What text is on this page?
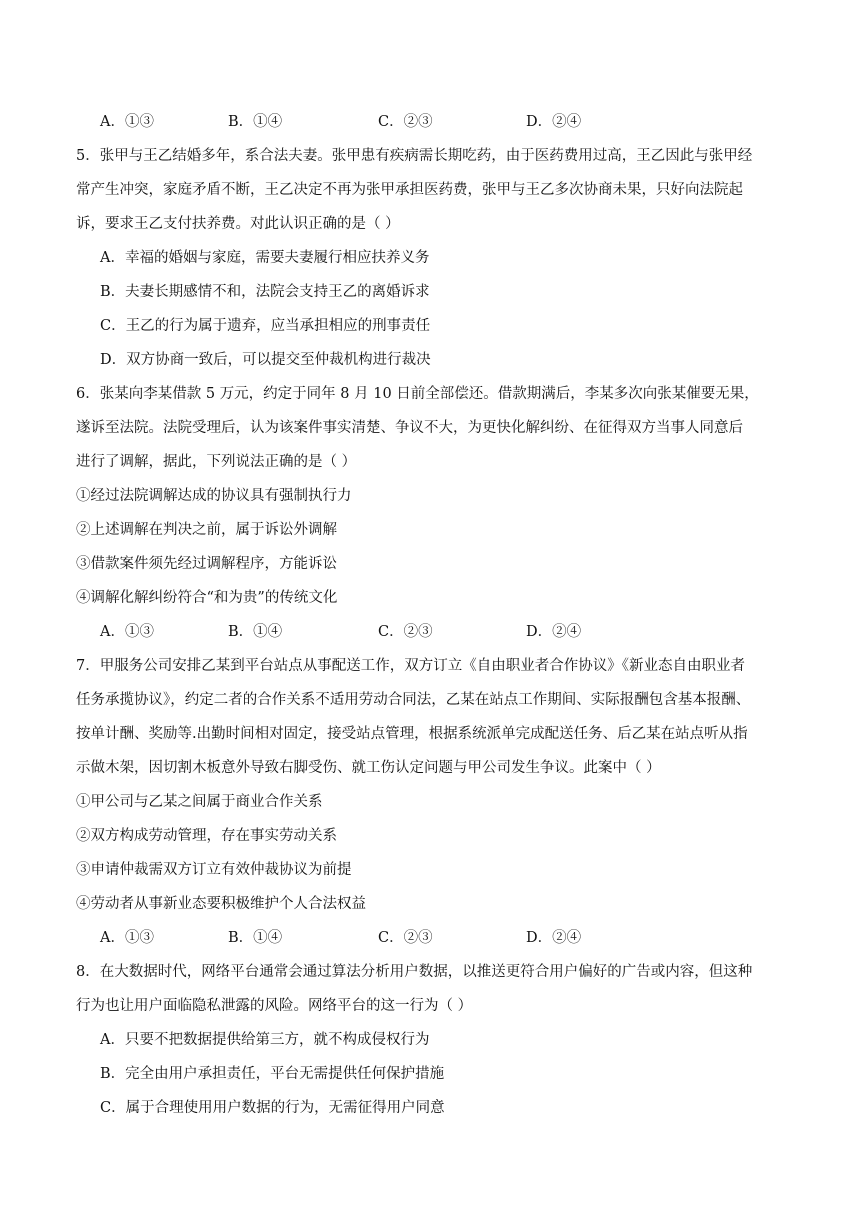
A．①③	B．①④	C．②③	D．②④
5．张甲与王乙结婚多年，系合法夫妻。张甲患有疾病需长期吃药，由于医药费用过高，王乙因此与张甲经
常产生冲突，家庭矛盾不断，王乙决定不再为张甲承担医药费，张甲与王乙多次协商未果，只好向法院起
诉，要求王乙支付扶养费。对此认识正确的是（ ）
A．幸福的婚姻与家庭，需要夫妻履行相应扶养义务
B．夫妻长期感情不和，法院会支持王乙的离婚诉求
C．王乙的行为属于遗弃，应当承担相应的刑事责任
D．双方协商一致后，可以提交至仲裁机构进行裁决
6．张某向李某借款 5 万元，约定于同年 8 月 10 日前全部偿还。借款期满后，李某多次向张某催要无果，
遂诉至法院。法院受理后，认为该案件事实清楚、争议不大，为更快化解纠纷、在征得双方当事人同意后
进行了调解，据此，下列说法正确的是（ ）
①经过法院调解达成的协议具有强制执行力
②上述调解在判决之前，属于诉讼外调解
③借款案件须先经过调解程序，方能诉讼
④调解化解纠纷符合“和为贵”的传统文化
A．①③	B．①④	C．②③	D．②④
7．甲服务公司安排乙某到平台站点从事配送工作，双方订立《自由职业者合作协议》《新业态自由职业者
任务承揽协议》，约定二者的合作关系不适用劳动合同法，乙某在站点工作期间、实际报酬包含基本报酬、
按单计酬、奖励等.出勤时间相对固定，接受站点管理，根据系统派单完成配送任务、后乙某在站点听从指
示做木架，因切割木板意外导致右脚受伤、就工伤认定问题与甲公司发生争议。此案中（ ）
①甲公司与乙某之间属于商业合作关系
②双方构成劳动管理，存在事实劳动关系
③申请仲裁需双方订立有效仲裁协议为前提
④劳动者从事新业态要积极维护个人合法权益
A．①③	B．①④	C．②③	D．②④
8．在大数据时代，网络平台通常会通过算法分析用户数据，以推送更符合用户偏好的广告或内容，但这种
行为也让用户面临隐私泄露的风险。网络平台的这一行为（ ）
A．只要不把数据提供给第三方，就不构成侵权行为
B．完全由用户承担责任，平台无需提供任何保护措施
C．属于合理使用用户数据的行为，无需征得用户同意
